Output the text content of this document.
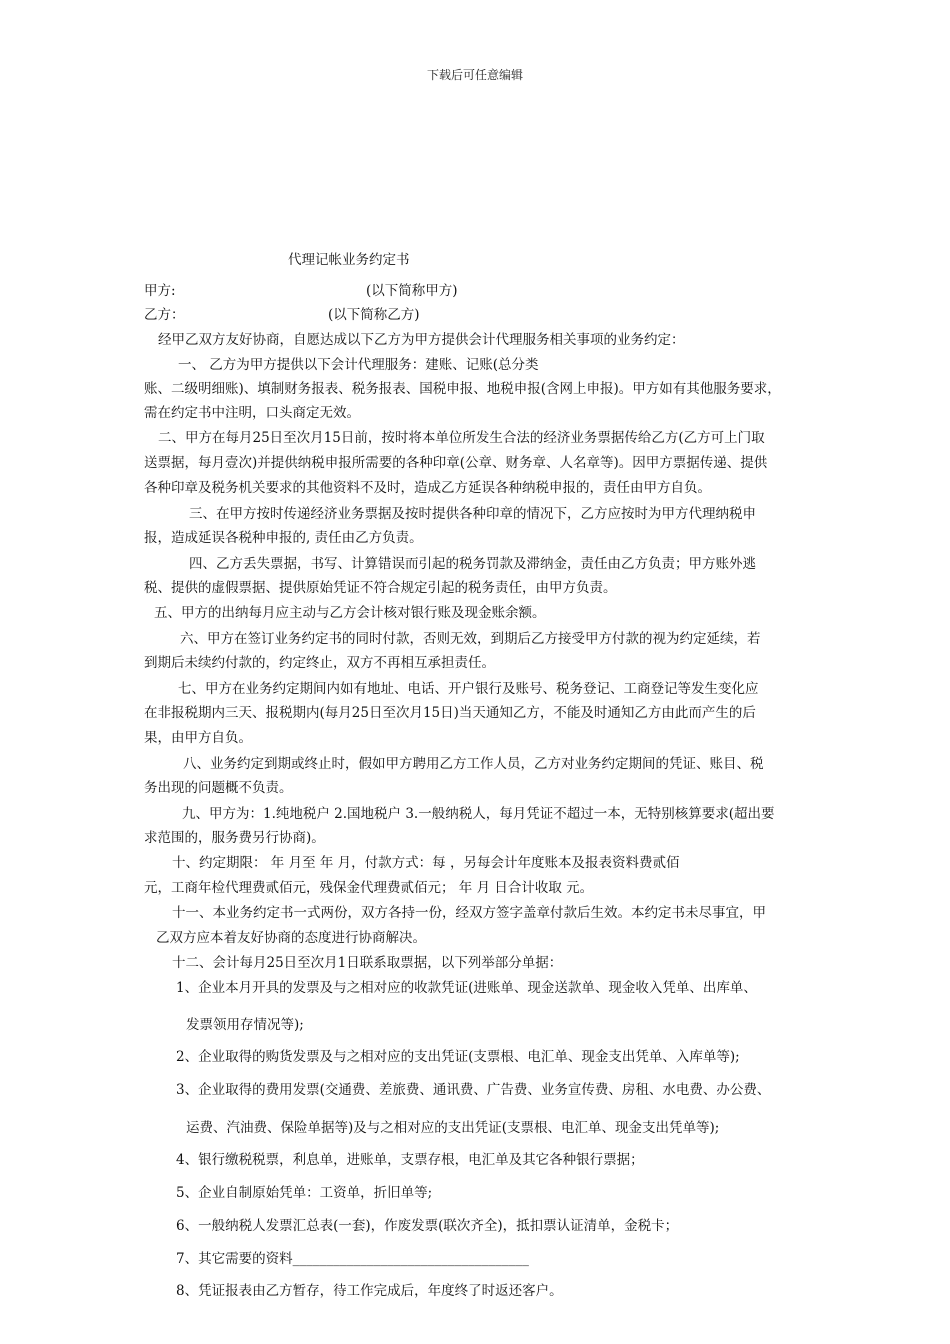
下载后可任意编辑
代理记帐业务约定书
甲方:	(以下简称甲方)
乙方：	(以下简称乙方)
经甲乙双方友好协商，自愿达成以下乙方为甲方提供会计代理服务相关事项的业务约定：
一、 乙方为甲方提供以下会计代理服务：建账、记账(总分类
账、二级明细账)、填制财务报表、税务报表、国税申报、地税申报(含网上申报)。甲方如有其他服务要求，
需在约定书中注明，口头商定无效。
二、甲方在每月25日至次月15日前，按时将本单位所发生合法的经济业务票据传给乙方(乙方可上门取
送票据，每月壹次)并提供纳税申报所需要的各种印章(公章、财务章、人名章等)。因甲方票据传递、提供
各种印章及税务机关要求的其他资料不及时，造成乙方延误各种纳税申报的，责任由甲方自负。
三、在甲方按时传递经济业务票据及按时提供各种印章的情况下，乙方应按时为甲方代理纳税申
报，造成延误各税种申报的, 责任由乙方负责。
四、乙方丢失票据，书写、计算错误而引起的税务罚款及滞纳金，责任由乙方负责；甲方账外逃
税、提供的虚假票据、提供原始凭证不符合规定引起的税务责任，由甲方负责。
五、甲方的出纳每月应主动与乙方会计核对银行账及现金账余额。
六、甲方在签订业务约定书的同时付款，否则无效，到期后乙方接受甲方付款的视为约定延续，若
到期后未续约付款的，约定终止，双方不再相互承担责任。
七、甲方在业务约定期间内如有地址、电话、开户银行及账号、税务登记、工商登记等发生变化应
在非报税期内三天、报税期内(每月25日至次月15日)当天通知乙方，不能及时通知乙方由此而产生的后
果，由甲方自负。
八、业务约定到期或终止时，假如甲方聘用乙方工作人员，乙方对业务约定期间的凭证、账目、税
务出现的问题概不负责。
九、甲方为：1.纯地税户 2.国地税户 3.一般纳税人，每月凭证不超过一本，无特别核算要求(超出要
求范围的，服务费另行协商)。
十、约定期限： 年 月至 年 月，付款方式：每 ，另每会计年度账本及报表资料费贰佰
元，工商年检代理费贰佰元，残保金代理费贰佰元； 年 月 日合计收取 元。
十一、本业务约定书一式两份，双方各持一份，经双方签字盖章付款后生效。本约定书未尽事宜，甲
乙双方应本着友好协商的态度进行协商解决。
十二、会计每月25日至次月1日联系取票据，以下列举部分单据：
1、企业本月开具的发票及与之相对应的收款凭证(进账单、现金送款单、现金收入凭单、出库单、
发票领用存情况等);
2、企业取得的购货发票及与之相对应的支出凭证(支票根、电汇单、现金支出凭单、入库单等);
3、企业取得的费用发票(交通费、差旅费、通讯费、广告费、业务宣传费、房租、水电费、办公费、
运费、汽油费、保险单据等)及与之相对应的支出凭证(支票根、电汇单、现金支出凭单等);
4、银行缴税税票，利息单，进账单，支票存根，电汇单及其它各种银行票据；
5、企业自制原始凭单：工资单，折旧单等;
6、一般纳税人发票汇总表(一套)，作废发票(联次齐全)，抵扣票认证清单，金税卡；
7、其它需要的资料___________________________________
8、凭证报表由乙方暂存，待工作完成后，年度终了时返还客户。
